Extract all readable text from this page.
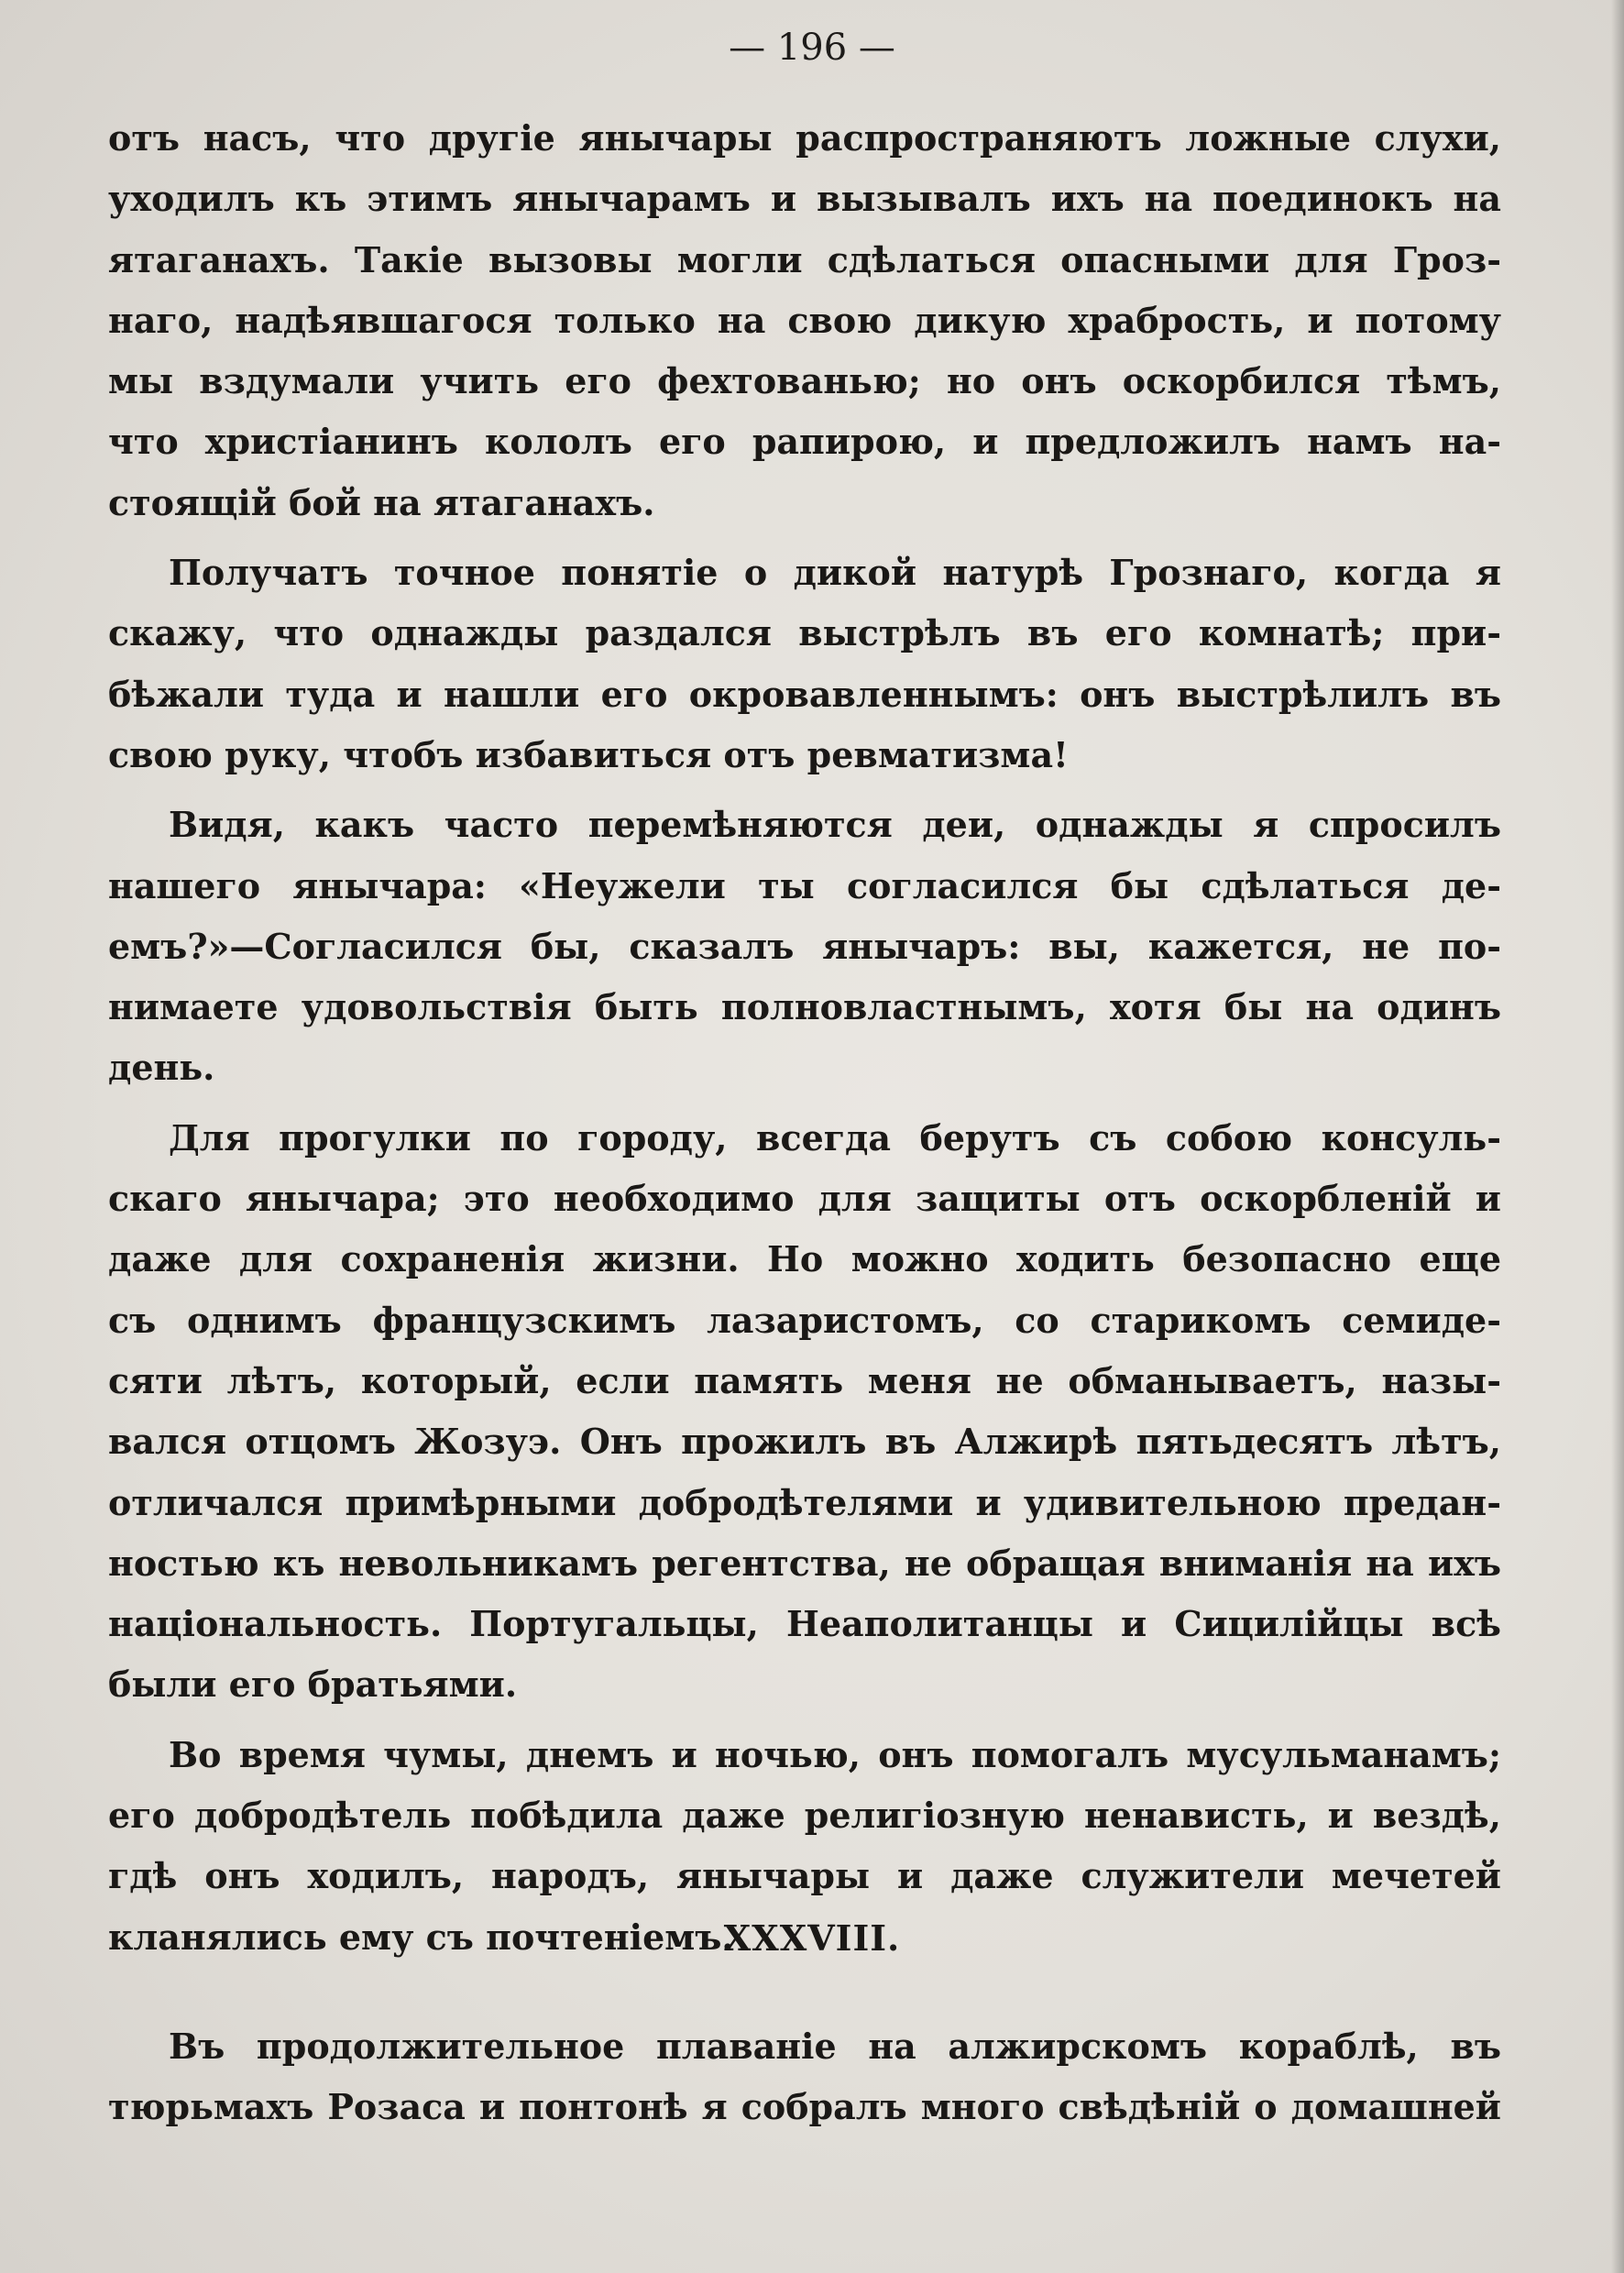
— 196 —

отъ насъ, что другіе янычары распространяютъ ложные слухи,
уходилъ къ этимъ янычарамъ и вызывалъ ихъ на поединокъ на
ятаганахъ. Такіе вызовы могли сдѣлаться опасными для Гроз-
наго, надѣявшагося только на свою дикую храбрость, и потому
мы вздумали учить его фехтованью; но онъ оскорбился тѣмъ,
что христіанинъ кололъ его рапирою, и предложилъ намъ на-
стоящій бой на ятаганахъ.
Получатъ точное понятіе о дикой натурѣ Грознаго, когда я
скажу, что однажды раздался выстрѣлъ въ его комнатѣ; при-
бѣжали туда и нашли его окровавленнымъ: онъ выстрѣлилъ въ
свою руку, чтобъ избавиться отъ ревматизма!
Видя, какъ часто перемѣняются деи, однажды я спросилъ
нашего янычара: «Неужели ты согласился бы сдѣлаться де-
емъ?»—Согласился бы, сказалъ янычаръ: вы, кажется, не по-
нимаете удовольствія быть полновластнымъ, хотя бы на одинъ
день.
Для прогулки по городу, всегда берутъ съ собою консуль-
скаго янычара; это необходимо для защиты отъ оскорбленій и
даже для сохраненія жизни. Но можно ходить безопасно еще
съ однимъ французскимъ лазаристомъ, со старикомъ семиде-
сяти лѣтъ, который, если память меня не обманываетъ, назы-
вался отцомъ Жозуэ. Онъ прожилъ въ Алжирѣ пятьдесятъ лѣтъ,
отличался примѣрными добродѣтелями и удивительною предан-
ностью къ невольникамъ регентства, не обращая вниманія на ихъ
національность. Португальцы, Неаполитанцы и Сицилійцы всѣ
были его братьями.
Во время чумы, днемъ и ночью, онъ помогалъ мусульманамъ;
его добродѣтель побѣдила даже религіозную ненависть, и вездѣ,
гдѣ онъ ходилъ, народъ, янычары и даже служители мечетей
кланялись ему съ почтеніемъ.
XXXVIII.
Въ продолжительное плаваніе на алжирскомъ кораблѣ, въ
тюрьмахъ Розаса и понтонѣ я собралъ много свѣдѣній о домашней
